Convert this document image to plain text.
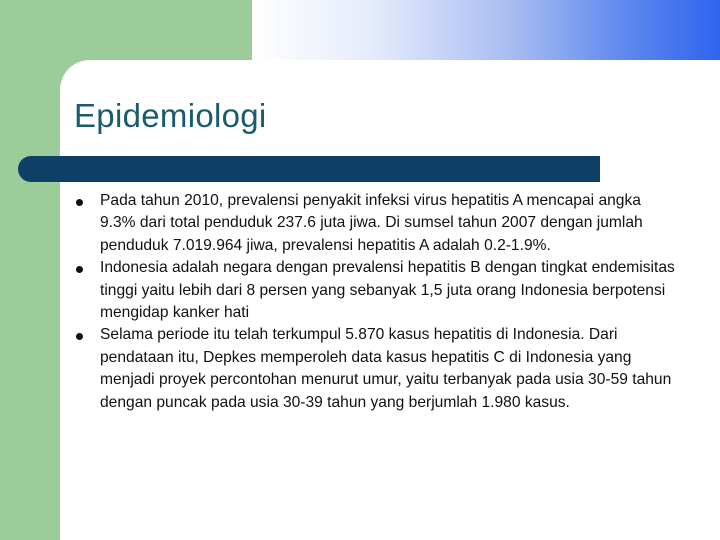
Epidemiologi
Pada tahun 2010, prevalensi penyakit infeksi virus hepatitis A mencapai angka 9.3% dari total penduduk 237.6 juta jiwa. Di sumsel tahun 2007 dengan jumlah penduduk 7.019.964 jiwa, prevalensi hepatitis A adalah 0.2-1.9%.
Indonesia adalah negara dengan prevalensi hepatitis B dengan tingkat endemisitas tinggi yaitu lebih dari 8 persen yang sebanyak 1,5 juta orang Indonesia berpotensi mengidap kanker hati
Selama periode itu telah terkumpul 5.870 kasus hepatitis di Indonesia. Dari pendataan itu, Depkes memperoleh data kasus hepatitis C di Indonesia yang menjadi proyek percontohan menurut umur, yaitu terbanyak pada usia 30-59 tahun dengan puncak pada usia 30-39 tahun yang berjumlah 1.980 kasus.
